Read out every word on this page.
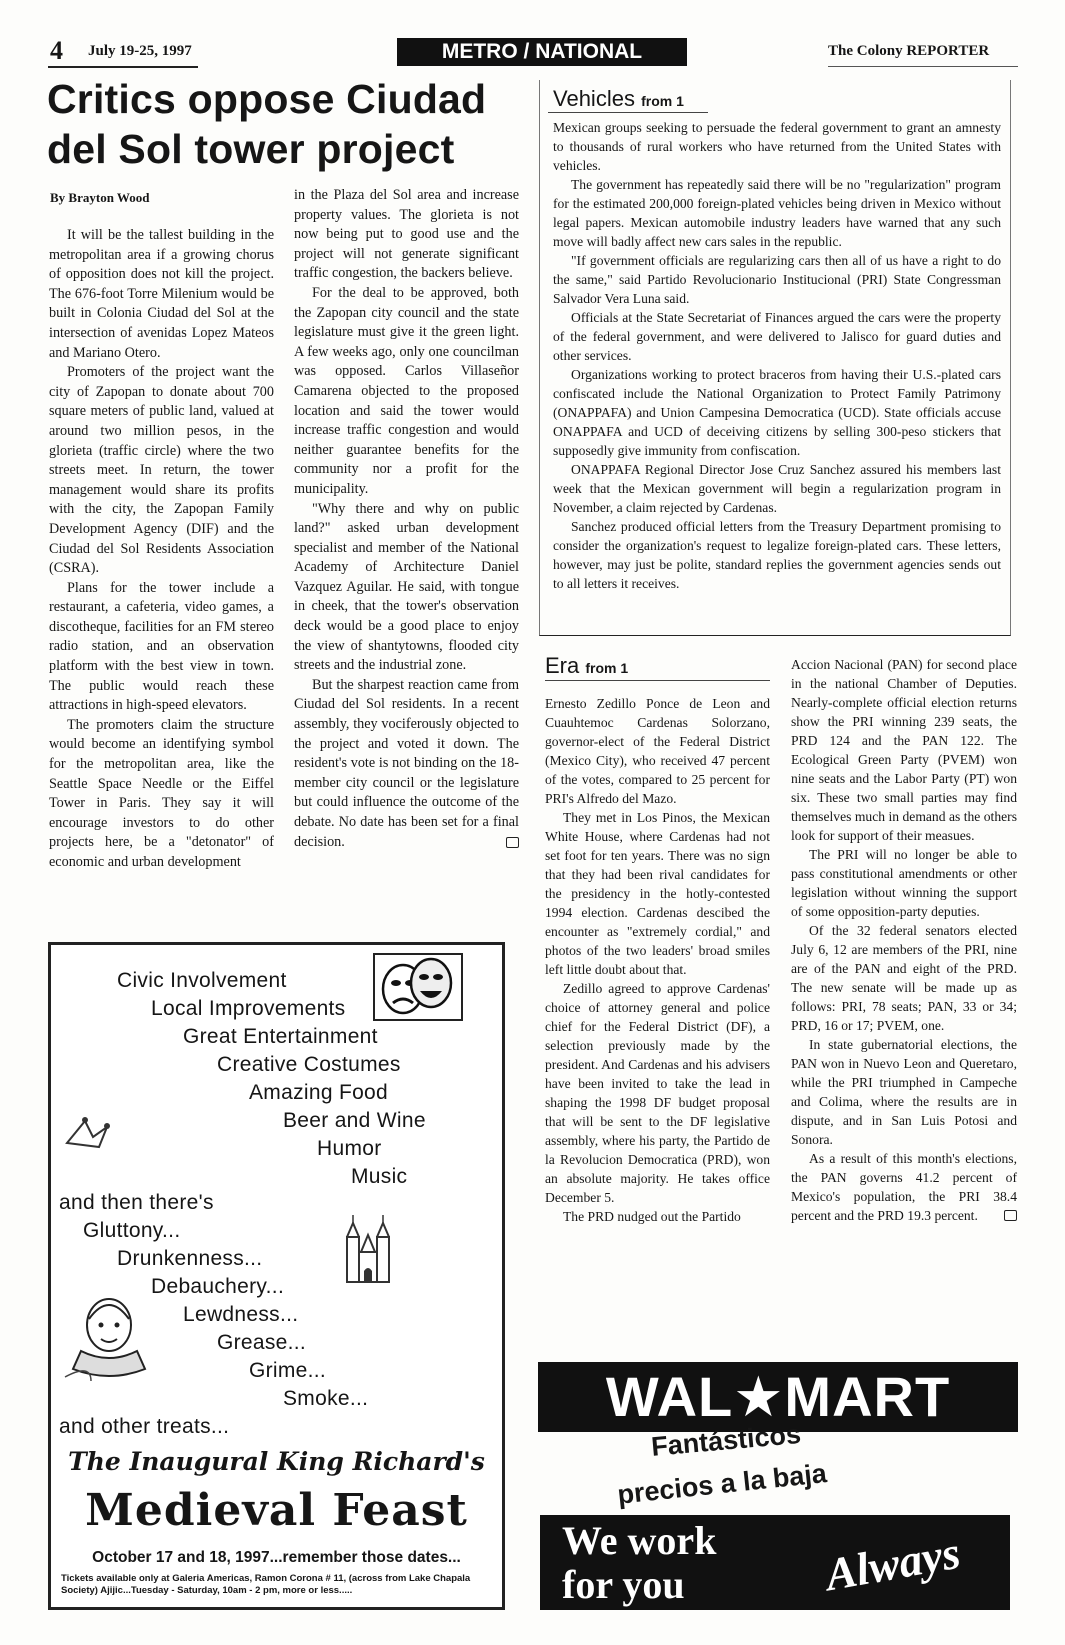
4 July 19-25, 1997	METRO / NATIONAL	The Colony REPORTER
Critics oppose Ciudad
del Sol tower project
By Brayton Wood

It will be the tallest building in the metropolitan area if a growing chorus of opposition does not kill the project. The 676-foot Torre Milenium would be built in Colonia Ciudad del Sol at the intersection of avenidas Lopez Mateos and Mariano Otero.

Promoters of the project want the city of Zapopan to donate about 700 square meters of public land, valued at around two million pesos, in the glorieta (traffic circle) where the two streets meet. In return, the tower management would share its profits with the city, the Zapopan Family Development Agency (DIF) and the Ciudad del Sol Residents Association (CSRA).

Plans for the tower include a restaurant, a cafeteria, video games, a discotheque, facilities for an FM stereo radio station, and an observation platform with the best view in town. The public would reach these attractions in high-speed elevators.

The promoters claim the structure would become an identifying symbol for the metropolitan area, like the Seattle Space Needle or the Eiffel Tower in Paris. They say it will encourage investors to do other projects here, be a "detonator" of economic and urban development

in the Plaza del Sol area and increase property values. The glorieta is not now being put to good use and the project will not generate significant traffic congestion, the backers believe.

For the deal to be approved, both the Zapopan city council and the state legislature must give it the green light. A few weeks ago, only one councilman was opposed. Carlos Villaseñor Camarena objected to the proposed location and said the tower would increase traffic congestion and would neither guarantee benefits for the community nor a profit for the municipality.

"Why there and why on public land?" asked urban development specialist and member of the National Academy of Architecture Daniel Vazquez Aguilar. He said, with tongue in cheek, that the tower's observation deck would be a good place to enjoy the view of shantytowns, flooded city streets and the industrial zone.

But the sharpest reaction came from Ciudad del Sol residents. In a recent assembly, they vociferously objected to the project and voted it down. The resident's vote is not binding on the 18-member city council or the legislature but could influence the outcome of the debate. No date has been set for a final decision.

Vehicles from 1

Mexican groups seeking to persuade the federal government to grant an amnesty to thousands of rural workers who have returned from the United States with vehicles.

The government has repeatedly said there will be no "regularization" program for the estimated 200,000 foreign-plated vehicles being driven in Mexico without legal papers. Mexican automobile industry leaders have warned that any such move will badly affect new cars sales in the republic.

"If government officials are regularizing cars then all of us have a right to do the same," said Partido Revolucionario Institucional (PRI) State Congressman Salvador Vera Luna said.

Officials at the State Secretariat of Finances argued the cars were the property of the federal government, and were delivered to Jalisco for guard duties and other services.

Organizations working to protect braceros from having their U.S.-plated cars confiscated include the National Organization to Protect Family Patrimony (ONAPPAFA) and Union Campesina Democratica (UCD). State officials accuse ONAPPAFA and UCD of deceiving citizens by selling 300-peso stickers that supposedly give immunity from confiscation.

ONAPPAFA Regional Director Jose Cruz Sanchez assured his members last week that the Mexican government will begin a regularization program in November, a claim rejected by Cardenas.

Sanchez produced official letters from the Treasury Department promising to consider the organization's request to legalize foreign-plated cars. These letters, however, may just be polite, standard replies the government agencies sends out to all letters it receives.

Era from 1

Ernesto Zedillo Ponce de Leon and Cuauhtemoc Cardenas Solorzano, governor-elect of the Federal District (Mexico City), who received 47 percent of the votes, compared to 25 percent for PRI's Alfredo del Mazo.

They met in Los Pinos, the Mexican White House, where Cardenas had not set foot for ten years. There was no sign that they had been rival candidates for the presidency in the hotly-contested 1994 election. Cardenas descibed the encounter as "extremely cordial," and photos of the two leaders' broad smiles left little doubt about that.

Zedillo agreed to approve Cardenas' choice of attorney general and police chief for the Federal District (DF), a selection previously made by the president. And Cardenas and his advisers have been invited to take the lead in shaping the 1998 DF budget proposal that will be sent to the DF legislative assembly, where his party, the Partido de la Revolucion Democratica (PRD), won an absolute majority. He takes office December 5.

The PRD nudged out the Partido

Accion Nacional (PAN) for second place in the national Chamber of Deputies. Nearly-complete official election returns show the PRI winning 239 seats, the PRD 124 and the PAN 122. The Ecological Green Party (PVEM) won nine seats and the Labor Party (PT) won six. These two small parties may find themselves much in demand as the others look for support of their measues.

The PRI will no longer be able to pass constitutional amendments or other legislation without winning the support of some opposition-party deputies.

Of the 32 federal senators elected July 6, 12 are members of the PRI, nine are of the PAN and eight of the PRD. The new senate will be made up as follows: PRI, 78 seats; PAN, 33 or 34; PRD, 16 or 17; PVEM, one.

In state gubernatorial elections, the PAN won in Nuevo Leon and Queretaro, while the PRI triumphed in Campeche and Colima, where the results are in dispute, and in San Luis Potosi and Sonora.

As a result of this month's elections, the PAN governs 41.2 percent of Mexico's population, the PRI 38.4 percent and the PRD 19.3 percent.

Civic Involvement
Local Improvements
Great Entertainment
Creative Costumes
Amazing Food
Beer and Wine
Humor
Music
and then there's
Gluttony...
Drunkenness...
Debauchery...
Lewdness...
Grease...
Grime...
Smoke...
and other treats...
The Inaugural King Richard's
Medieval Feast
October 17 and 18, 1997...remember those dates...
Tickets available only at Galeria Americas, Ramon Corona # 11, (across from Lake Chapala Society) Ajijic...Tuesday - Saturday, 10am - 2 pm, more or less.....
WAL★MART
Fantásticos
precios a la baja
We work
for you	Always
